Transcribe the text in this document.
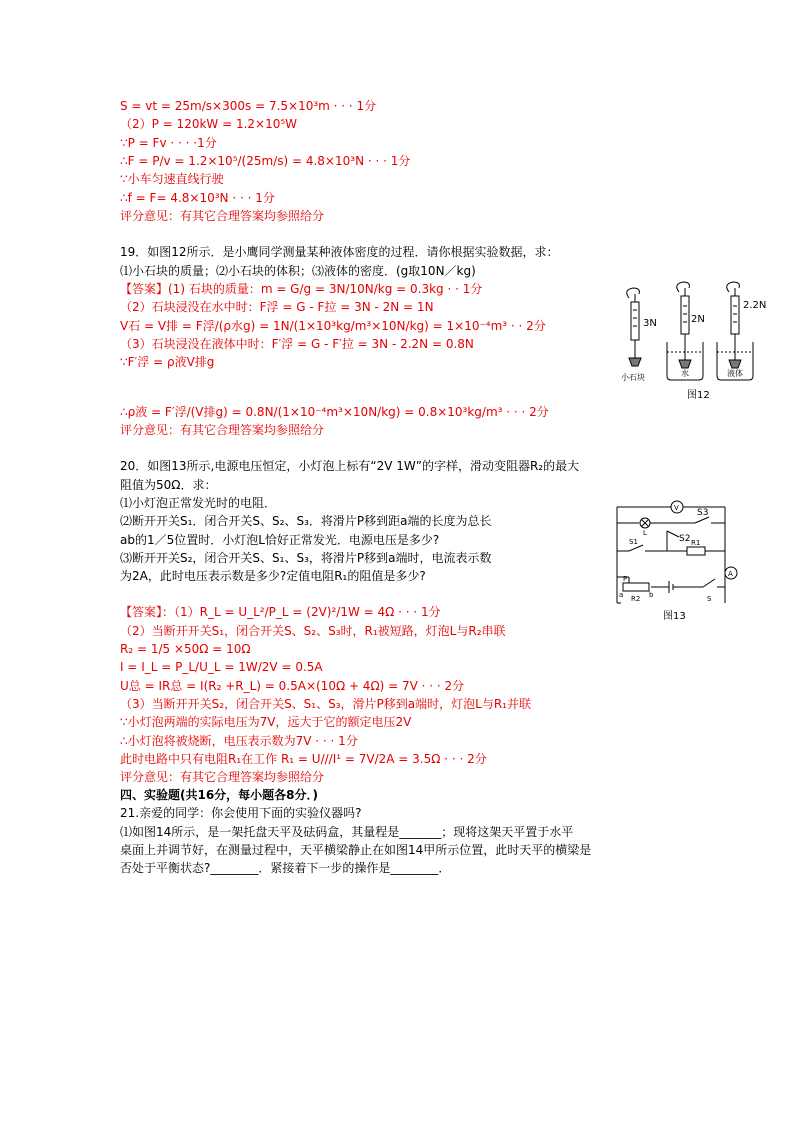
S = vt = 25m/s×300s = 7.5×10³m · · · 1分
（2）P = 120kW = 1.2×10⁵W
∵P = Fv · · · ·1分
∴F = P/v = 1.2×10⁵/(25m/s) = 4.8×10³N · · · 1分
∵小车匀速直线行驶
∴f = F= 4.8×10³N · · · 1分
评分意见：有其它合理答案均参照给分
19．如图12所示．是小鹰同学测量某种液体密度的过程．请你根据实验数据，求：
⑴小石块的质量；⑵小石块的体积；⑶液体的密度．(g取10N／kg)
【答案】(1) 石块的质量：m = G/g = 3N/10N/kg = 0.3kg · · 1分
（2）石块浸没在水中时：F浮 = G - F拉 = 3N - 2N = 1N
V石 = V排 = F浮/(ρ水g) = 1N/(1×10³kg/m³×10N/kg) = 1×10⁻⁴m³ · · 2分
（3）石块浸没在液体中时：F′浮 = G - F′拉 = 3N - 2.2N = 0.8N
∵F′浮 = ρ液V排g
∴ρ液 = F′浮/(V排g) = 0.8N/(1×10⁻⁴m³×10N/kg) = 0.8×10³kg/m³ · · · 2分
评分意见：有其它合理答案均参照给分
20．如图13所示,电源电压恒定，小灯泡上标有“2V 1W”的字样，滑动变阻器R₂的最大
阻值为50Ω．求：
⑴小灯泡正常发光时的电阻．
⑵断开开关S₁．闭合开关S、S₂、S₃．将滑片P移到距a端的长度为总长
ab的1／5位置时．小灯泡L恰好正常发光．电源电压是多少?
⑶断开开关S₂，闭合开关S、S₁、S₃，将滑片P移到a端时，电流表示数
为2A，此时电压表示数是多少?定值电阻R₁的阻值是多少?
【答案】：（1）R_L = U_L²/P_L = (2V)²/1W = 4Ω · · · 1分
（2）当断开开关S₁，闭合开关S、S₂、S₃时，R₁被短路，灯泡L与R₂串联
R₂ = 1/5 ×50Ω = 10Ω
I = I_L = P_L/U_L = 1W/2V = 0.5A
U总 = IR总 = I(R₂ +R_L) = 0.5A×(10Ω + 4Ω) = 7V · · · 2分
（3）当断开开关S₂，闭合开关S、S₁、S₃，滑片P移到a端时，灯泡L与R₁并联
∵小灯泡两端的实际电压为7V，远大于它的额定电压2V
∴小灯泡将被烧断，电压表示数为7V · · · 1分
此时电路中只有电阻R₁在工作 R₁ = U///I¹ = 7V/2A = 3.5Ω · · · 2分
评分意见：有其它合理答案均参照给分
四、实验题(共16分，每小题各8分．)
21.亲爱的同学：你会使用下面的实验仪器吗?
⑴如图14所示，是一架托盘天平及砝码盒，其量程是_______；现将这架天平置于水平
桌面上并调节好，在测量过程中，天平横梁静止在如图14甲所示位置，此时天平的横梁是
否处于平衡状态?________．紧接着下一步的操作是________．
3N	2N
2.2N
小石块	水	液体
图12
V S3
S2
S1	R1
A
P
R2
a	b	S
L
图13
